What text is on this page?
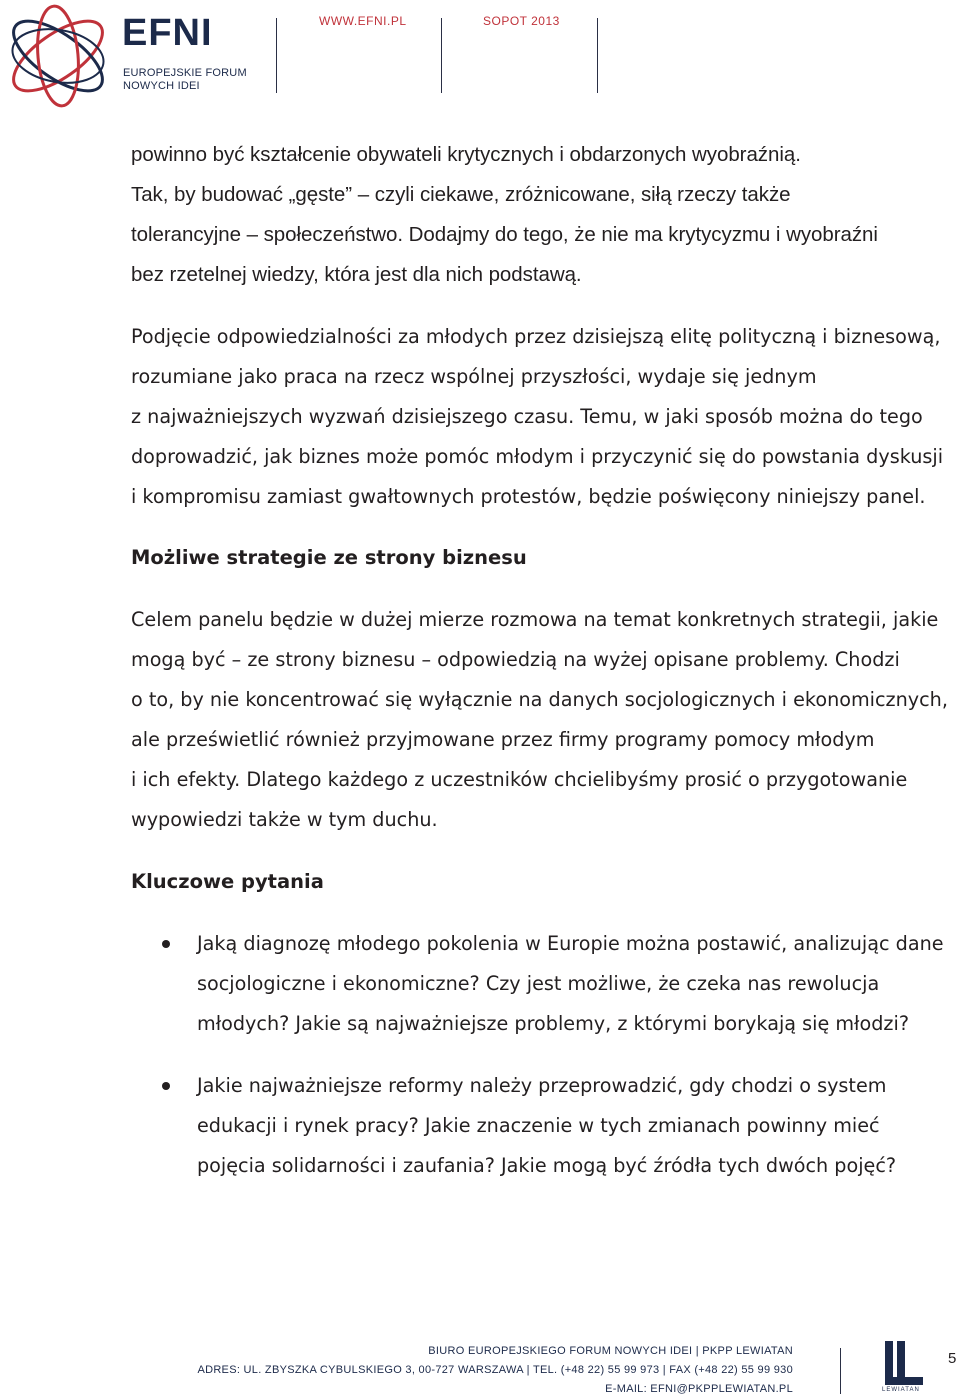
EFNI
EUROPEJSKIE FORUM
NOWYCH IDEI
WWW.EFNI.PL	SOPOT 2013
powinno być kształcenie obywateli krytycznych i obdarzonych wyobraźnią.
Tak, by budować „gęste” – czyli ciekawe, zróżnicowane, siłą rzeczy także
tolerancyjne – społeczeństwo. Dodajmy do tego, że nie ma krytycyzmu i wyobraźni
bez rzetelnej wiedzy, która jest dla nich podstawą.
Podjęcie odpowiedzialności za młodych przez dzisiejszą elitę polityczną i biznesową,
rozumiane jako praca na rzecz wspólnej przyszłości, wydaje się jednym
z najważniejszych wyzwań dzisiejszego czasu. Temu, w jaki sposób można do tego
doprowadzić, jak biznes może pomóc młodym i przyczynić się do powstania dyskusji
i kompromisu zamiast gwałtownych protestów, będzie poświęcony niniejszy panel.
Możliwe strategie ze strony biznesu
Celem panelu będzie w dużej mierze rozmowa na temat konkretnych strategii, jakie
mogą być – ze strony biznesu – odpowiedzią na wyżej opisane problemy. Chodzi
o to, by nie koncentrować się wyłącznie na danych socjologicznych i ekonomicznych,
ale prześwietlić również przyjmowane przez firmy programy pomocy młodym
i ich efekty. Dlatego każdego z uczestników chcielibyśmy prosić o przygotowanie
wypowiedzi także w tym duchu.
Kluczowe pytania
Jaką diagnozę młodego pokolenia w Europie można postawić, analizując dane
socjologiczne i ekonomiczne? Czy jest możliwe, że czeka nas rewolucja
młodych? Jakie są najważniejsze problemy, z którymi borykają się młodzi?
Jakie najważniejsze reformy należy przeprowadzić, gdy chodzi o system
edukacji i rynek pracy? Jakie znaczenie w tych zmianach powinny mieć
pojęcia solidarności i zaufania? Jakie mogą być źródła tych dwóch pojęć?
BIURO EUROPEJSKIEGO FORUM NOWYCH IDEI | PKPP LEWIATAN
ADRES: UL. ZBYSZKA CYBULSKIEGO 3, 00-727 WARSZAWA | TEL. (+48 22) 55 99 973 | FAX (+48 22) 55 99 930
E-MAIL: EFNI@PKPPLEWIATAN.PL	LEWIATAN
5
